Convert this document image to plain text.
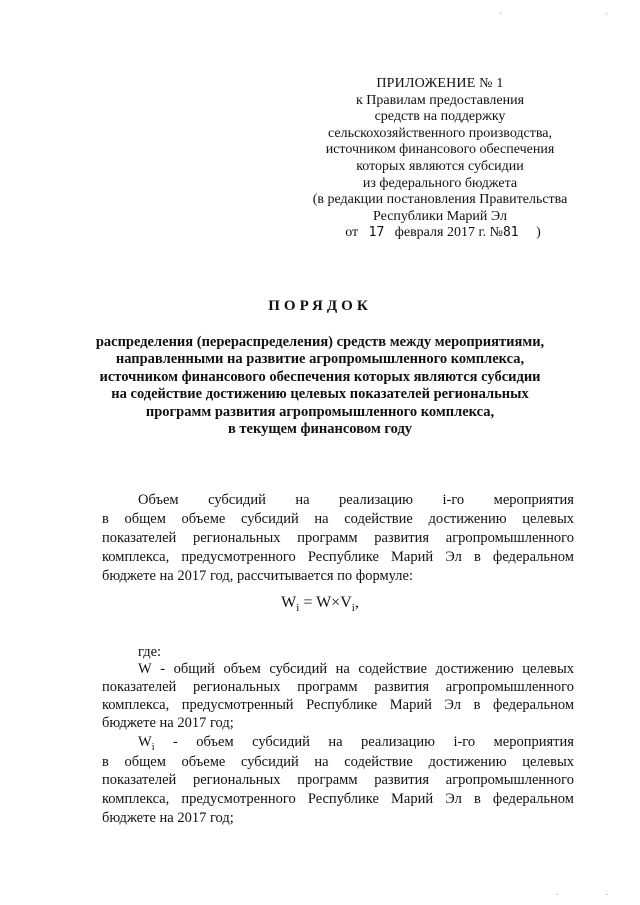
'	'
.
.
ПРИЛОЖЕНИЕ № 1
к Правилам предоставления
средств на поддержку
сельскохозяйственного производства,
источником финансового обеспечения
которых являются субсидии
из федерального бюджета
(в редакции постановления Правительства
Республики Марий Эл
от 17 февраля 2017 г. №81 )
ПОРЯДОК
распределения (перераспределения) средств между мероприятиями,
направленными на развитие агропромышленного комплекса,
источником финансового обеспечения которых являются субсидии
на содействие достижению целевых показателей региональных
программ развития агропромышленного комплекса,
в текущем финансовом году
Объем субсидий на реализацию i-го мероприятия
в общем объеме субсидий на содействие достижению целевых
показателей региональных программ развития агропромышленного
комплекса, предусмотренного Республике Марий Эл в федеральном
бюджете на 2017 год, рассчитывается по формуле:
$W_i = W\times V_i$,
где:
W - общий объем субсидий на содействие достижению целевых
показателей региональных программ развития агропромышленного
комплекса, предусмотренный Республике Марий Эл в федеральном
бюджете на 2017 год;
$W_i$ - объем субсидий на реализацию i-го мероприятия
в общем объеме субсидий на содействие достижению целевых
показателей региональных программ развития агропромышленного
комплекса, предусмотренного Республике Марий Эл в федеральном
бюджете на 2017 год;
